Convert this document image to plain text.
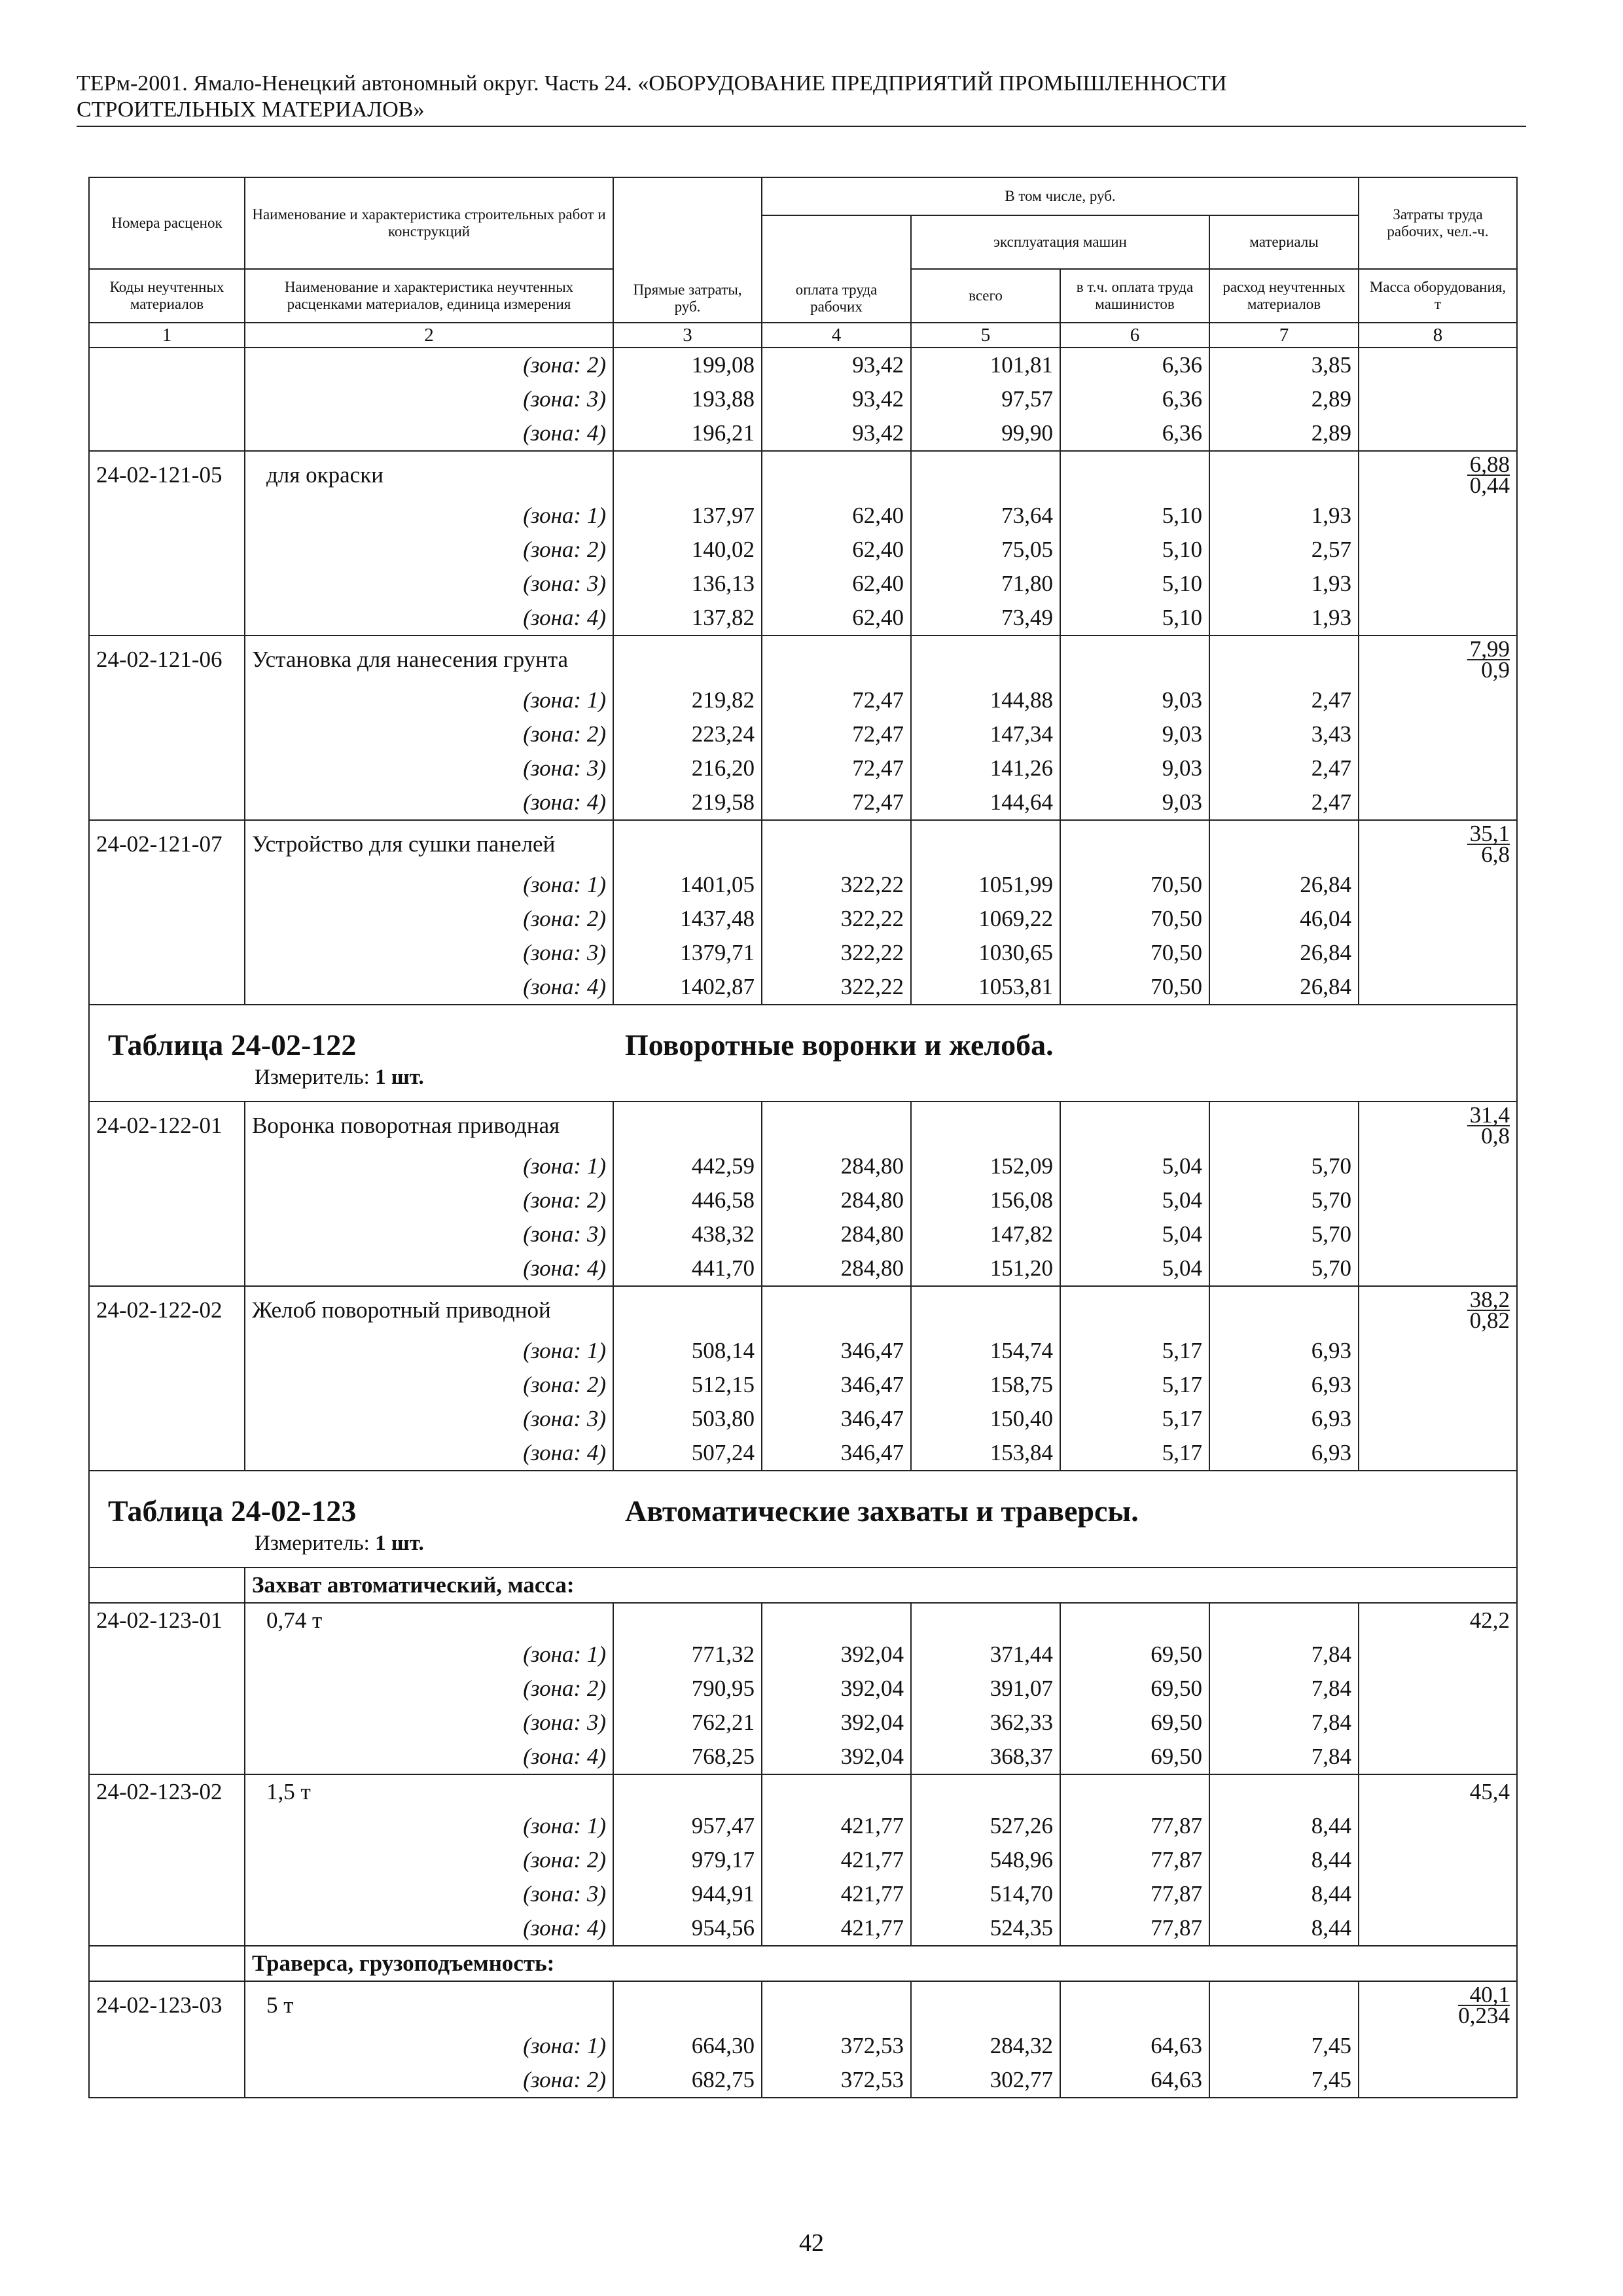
ТЕРм-2001. Ямало-Ненецкий автономный округ. Часть 24. «ОБОРУДОВАНИЕ ПРЕДПРИЯТИЙ ПРОМЫШЛЕННОСТИ
СТРОИТЕЛЬНЫХ МАТЕРИАЛОВ»
Номера расценок	Наименование и характеристика строительных работ и конструкций	Прямые затраты, руб.	В том числе, руб.				Затраты труда рабочих, чел.-ч.
			оплата труда рабочих	эксплуатация машин		материалы	
Коды неучтенных материалов	Наименование и характеристика неучтенных расценками материалов, единица измерения			всего	в т.ч. оплата труда машинистов	расход неучтенных материалов	Масса оборудования, т
1	2	3	4	5	6	7	8
	(зона: 2)	199,08	93,42	101,81	6,36	3,85	
	(зона: 3)	193,88	93,42	97,57	6,36	2,89	
	(зона: 4)	196,21	93,42	99,90	6,36	2,89	
24-02-121-05	для окраски						$\frac{6,88}{0,44}$

	(зона: 1)	137,97	62,40	73,64	5,10	1,93	
	(зона: 2)	140,02	62,40	75,05	5,10	2,57	
	(зона: 3)	136,13	62,40	71,80	5,10	1,93	
	(зона: 4)	137,82	62,40	73,49	5,10	1,93	
24-02-121-06	Установка для нанесения грунта						$\frac{7,99}{0,9}$

	(зона: 1)	219,82	72,47	144,88	9,03	2,47	
	(зона: 2)	223,24	72,47	147,34	9,03	3,43	
	(зона: 3)	216,20	72,47	141,26	9,03	2,47	
	(зона: 4)	219,58	72,47	144,64	9,03	2,47	
24-02-121-07	Устройство для сушки панелей						$\frac{35,1}{6,8}$

	(зона: 1)	1401,05	322,22	1051,99	70,50	26,84	
	(зона: 2)	1437,48	322,22	1069,22	70,50	46,04	
	(зона: 3)	1379,71	322,22	1030,65	70,50	26,84	
	(зона: 4)	1402,87	322,22	1053,81	70,50	26,84	

Таблица 24-02-122 Поворотные воронки и желоба.
Измеритель: 1 шт.							

24-02-122-01	Воронка поворотная приводная						$\frac{31,4}{0,8}$

	(зона: 1)	442,59	284,80	152,09	5,04	5,70	
	(зона: 2)	446,58	284,80	156,08	5,04	5,70	
	(зона: 3)	438,32	284,80	147,82	5,04	5,70	
	(зона: 4)	441,70	284,80	151,20	5,04	5,70	
24-02-122-02	Желоб поворотный приводной						$\frac{38,2}{0,82}$

	(зона: 1)	508,14	346,47	154,74	5,17	6,93	
	(зона: 2)	512,15	346,47	158,75	5,17	6,93	
	(зона: 3)	503,80	346,47	150,40	5,17	6,93	
	(зона: 4)	507,24	346,47	153,84	5,17	6,93	

Таблица 24-02-123 Автоматические захваты и траверсы.
Измеритель: 1 шт.							

	Захват автоматический, масса:						
24-02-123-01	0,74 т						42,2
	(зона: 1)	771,32	392,04	371,44	69,50	7,84	
	(зона: 2)	790,95	392,04	391,07	69,50	7,84	
	(зона: 3)	762,21	392,04	362,33	69,50	7,84	
	(зона: 4)	768,25	392,04	368,37	69,50	7,84	
24-02-123-02	1,5 т						45,4
	(зона: 1)	957,47	421,77	527,26	77,87	8,44	
	(зона: 2)	979,17	421,77	548,96	77,87	8,44	
	(зона: 3)	944,91	421,77	514,70	77,87	8,44	
	(зона: 4)	954,56	421,77	524,35	77,87	8,44	
	Траверса, грузоподъемность:						
24-02-123-03	5 т						$\frac{40,1}{0,234}$

	(зона: 1)	664,30	372,53	284,32	64,63	7,45	
	(зона: 2)	682,75	372,53	302,77	64,63	7,45	

42
